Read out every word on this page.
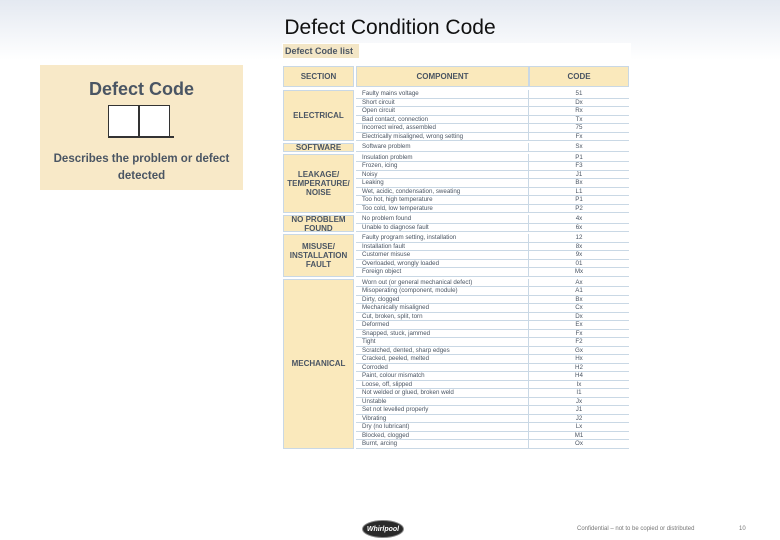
Defect Condition Code
Defect Code
Describes the problem or defect detected
Defect Code list
SECTION	COMPONENT	CODE
ELECTRICAL
Faulty mains voltage	51
Short circuit	Dx
Open circuit	Rx
Bad contact, connection	Tx
Incorrect wired, assembled	75
Electrically misaligned, wrong setting	Fx
SOFTWARE	Software problem	Sx
LEAKAGE/ TEMPERATURE/ NOISE
Insulation problem	P1
Frozen, icing	F3
Noisy	J1
Leaking	Bx
Wet, acidic, condensation, sweating	L1
Too hot, high temperature	P1
Too cold, low temperature	P2
NO PROBLEM FOUND
No problem found	4x
Unable to diagnose fault	6x
MISUSE/ INSTALLATION FAULT
Faulty program setting, installation	12
Installation fault	8x
Customer misuse	9x
Overloaded, wrongly loaded	01
Foreign object	Mx
MECHANICAL
Worn out (or general mechanical defect)	Ax
Misoperating (component, module)	A1
Dirty, clogged	Bx
Mechanically misaligned	Cx
Cut, broken, split, torn	Dx
Deformed	Ex
Snapped, stuck, jammed	Fx
Tight	F2
Scratched, dented, sharp edges	Gx
Cracked, peeled, melted	Hx
Corroded	H2
Paint, colour mismatch	H4
Loose, off, slipped	Ix
Not welded or glued, broken weld	I1
Unstable	Jx
Set not levelled properly	J1
Vibrating	J2
Dry (no lubricant)	Lx
Blocked, clogged	M1
Burnt, arcing	Ox
Whirlpool	Confidential – not to be copied or distributed	10
